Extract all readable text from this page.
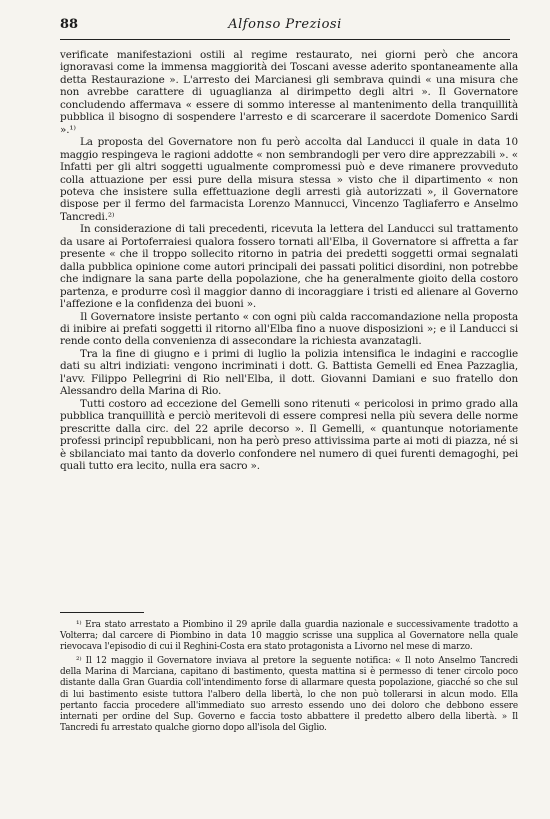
88	Alfonso Preziosi

verificate manifestazioni ostili al regime restaurato, nei giorni però che ancora ignoravasi come la immensa maggiorità dei Toscani avesse aderito spontaneamente alla detta Restaurazione ». L'arresto dei Marcianesi gli sembrava quindi « una misura che non avrebbe carattere di uguaglianza al dirimpetto degli altri ». Il Governatore concludendo affermava « essere di sommo interesse al mantenimento della tranquillità pubblica il bisogno di sospendere l'arresto e di scarcerare il sacerdote Domenico Sardi ».¹⁾

La proposta del Governatore non fu però accolta dal Landucci il quale in data 10 maggio respingeva le ragioni addotte « non sembrandogli per vero dire apprezzabili ». « Infatti per gli altri soggetti ugualmente compromessi può e deve rimanere provveduto colla attuazione per essi pure della misura stessa » visto che il dipartimento « non poteva che insistere sulla effettuazione degli arresti già autorizzati », il Governatore dispose per il fermo del farmacista Lorenzo Mannucci, Vincenzo Tagliaferro e Anselmo Tancredi.²⁾

In considerazione di tali precedenti, ricevuta la lettera del Landucci sul trattamento da usare ai Portoferraiesi qualora fossero tornati all'Elba, il Governatore si affretta a far presente « che il troppo sollecito ritorno in patria dei predetti soggetti ormai segnalati dalla pubblica opinione come autori principali dei passati politici disordini, non potrebbe che indignare la sana parte della popolazione, che ha generalmente gioito della costoro partenza, e produrre così il maggior danno di incoraggiare i tristi ed alienare al Governo l'affezione e la confidenza dei buoni ».

Il Governatore insiste pertanto « con ogni più calda raccomandazione nella proposta di inibire ai prefati soggetti il ritorno all'Elba fino a nuove disposizioni »; e il Landucci si rende conto della convenienza di assecondare la richiesta avanzatagli.

Tra la fine di giugno e i primi di luglio la polizia intensifica le indagini e raccoglie dati su altri indiziati: vengono incriminati i dott. G. Battista Gemelli ed Enea Pazzaglia, l'avv. Filippo Pellegrini di Rio nell'Elba, il dott. Giovanni Damiani e suo fratello don Alessandro della Marina di Rio.

Tutti costoro ad eccezione del Gemelli sono ritenuti « pericolosi in primo grado alla pubblica tranquillità e perciò meritevoli di essere compresi nella più severa delle norme prescritte dalla circ. del 22 aprile decorso ». Il Gemelli, « quantunque notoriamente professi principî repubblicani, non ha però preso attivissima parte ai moti di piazza, né si è sbilanciato mai tanto da doverlo confondere nel numero di quei furenti demagoghi, pei quali tutto era lecito, nulla era sacro ».

¹⁾ Era stato arrestato a Piombino il 29 aprile dalla guardia nazionale e successivamente tradotto a Volterra; dal carcere di Piombino in data 10 maggio scrisse una supplica al Governatore nella quale rievocava l'episodio di cui il Reghini-Costa era stato protagonista a Livorno nel mese di marzo.

²⁾ Il 12 maggio il Governatore inviava al pretore la seguente notifica: « Il noto Anselmo Tancredi della Marina di Marciana, capitano di bastimento, questa mattina si è permesso di tener circolo poco distante dalla Gran Guardia coll'intendimento forse di allarmare questa popolazione, giacché so che sul di lui bastimento esiste tuttora l'albero della libertà, lo che non può tollerarsi in alcun modo. Ella pertanto faccia procedere all'immediato suo arresto essendo uno dei doloro che debbono essere internati per ordine del Sup. Governo e faccia tosto abbattere il predetto albero della libertà. » Il Tancredi fu arrestato qualche giorno dopo all'isola del Giglio.
